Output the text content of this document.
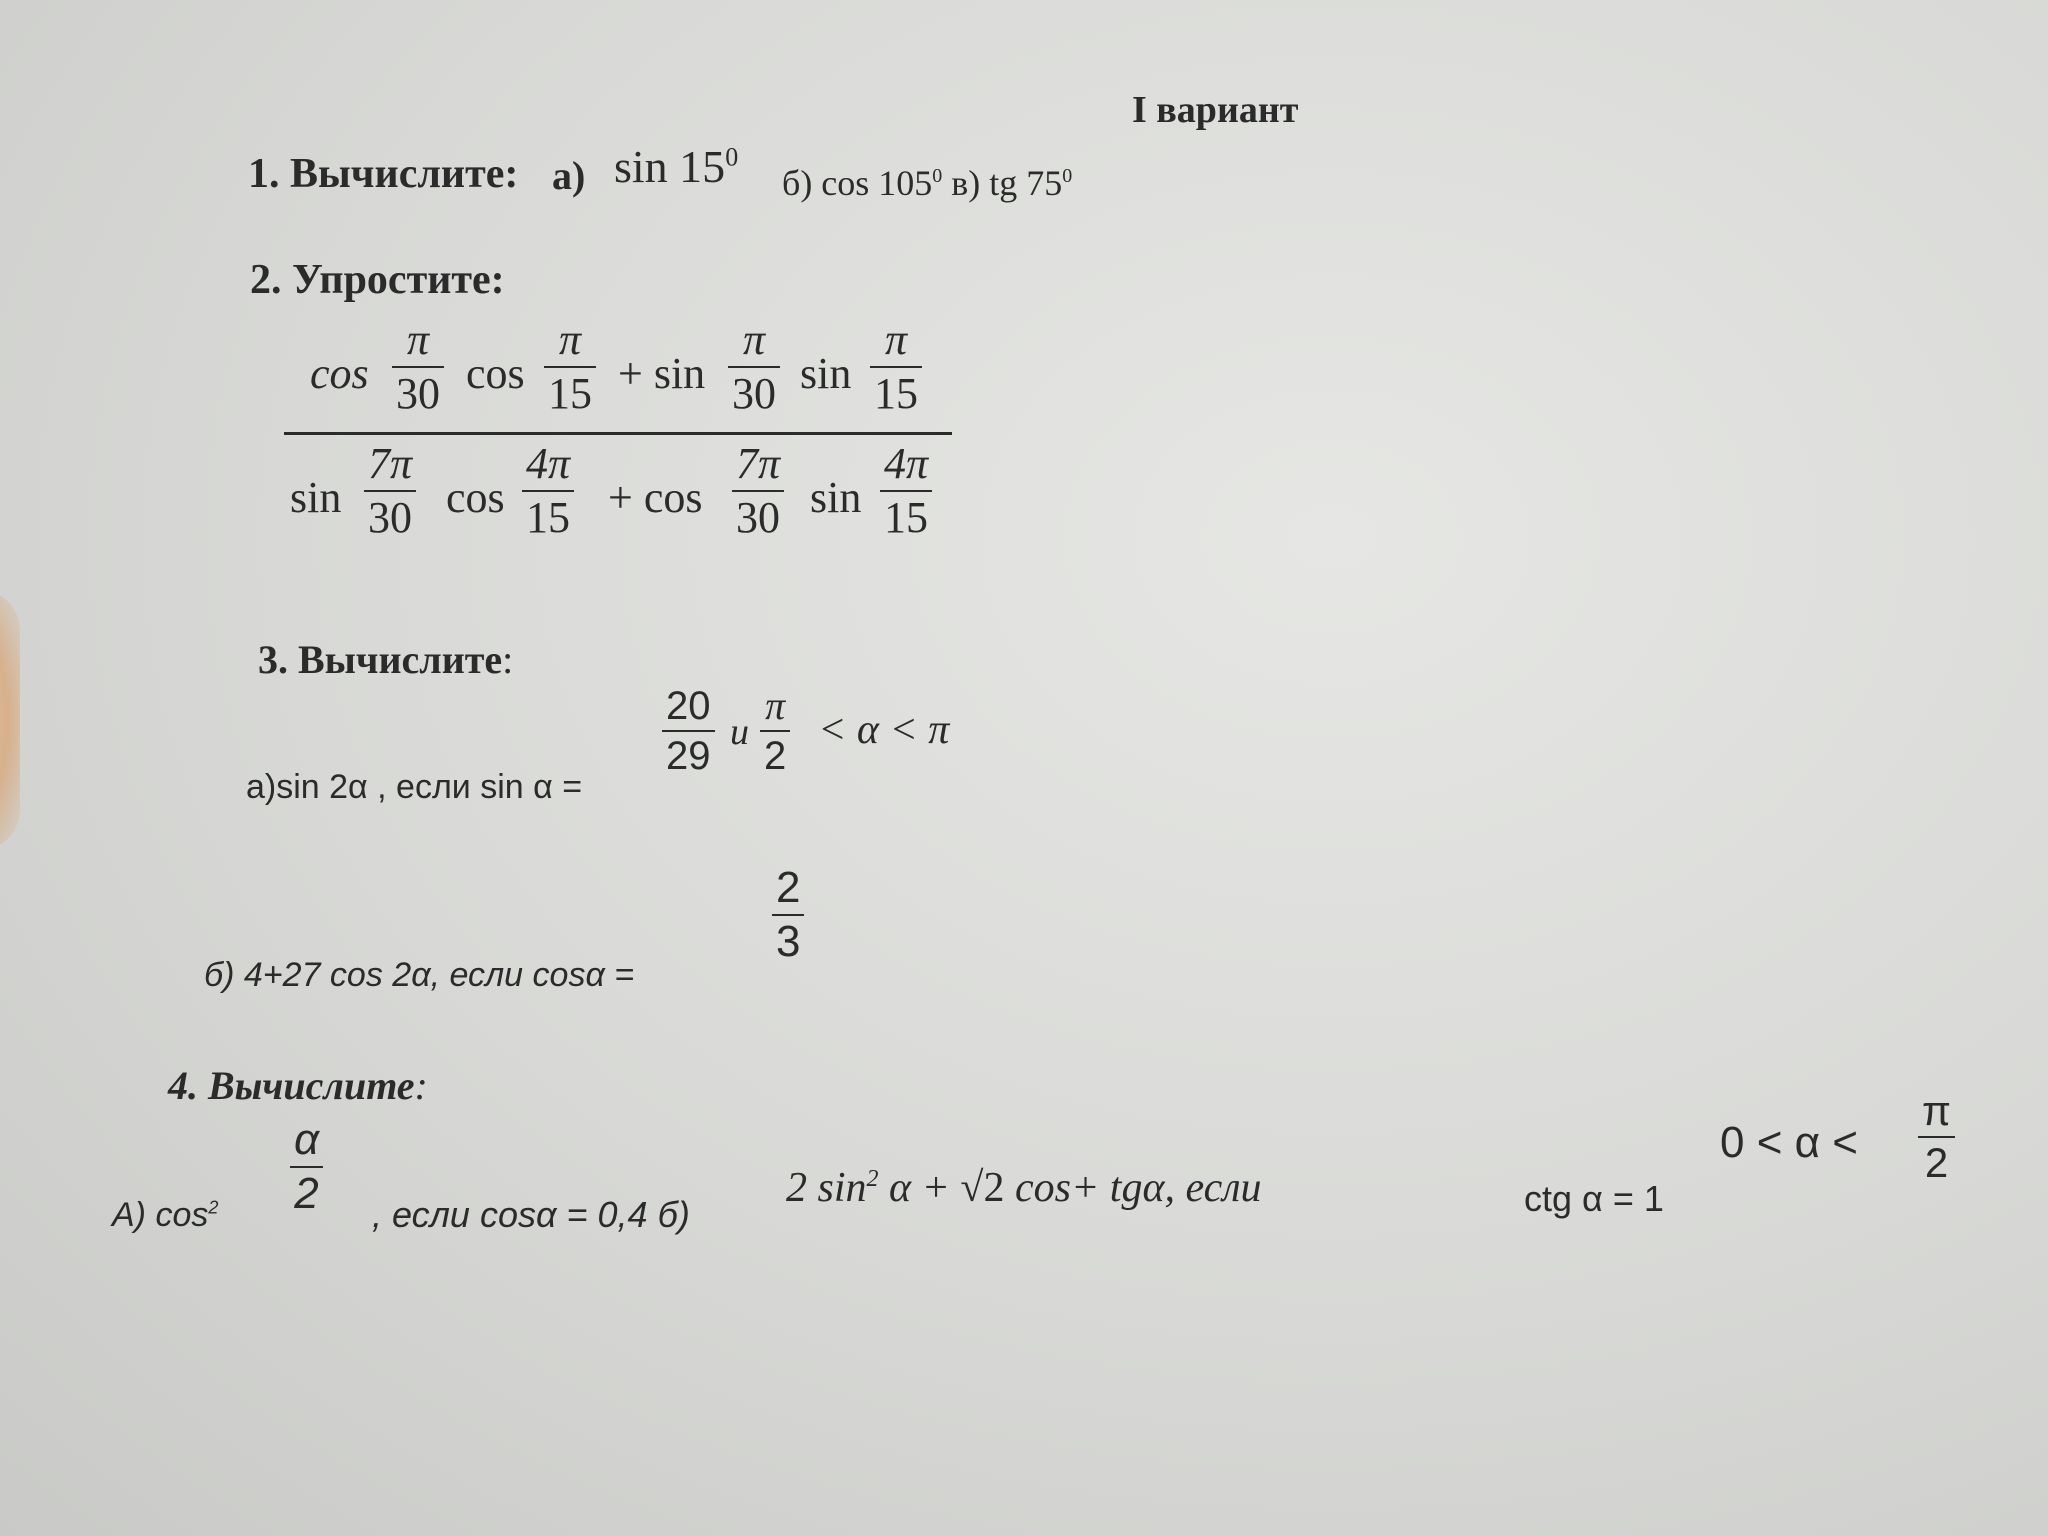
I вариант
1. Вычислите: а) $\sin 15^0$
б) $\cos 105^0$ в) tg $75^0$
2. Упростите:
cos
π
30 cos
π
15 + sin
π
30 sin
π
15
sin
7π
30 cos
4π
15 + cos
7π
30 sin
4π
15
3. Вычислите:
а)sin 2α , если sin α =
20
29
и
π
2
< α < π
б) 4+27 cos 2α, если cosα =
2
3
4. Вычислите:
А) $\cos^2$
α
2 , если cosα = 0,4 б)
2 $\sin^2 \alpha + √2$ cos+ tgα, если	ctg α = 1
0 < α <
π
2
